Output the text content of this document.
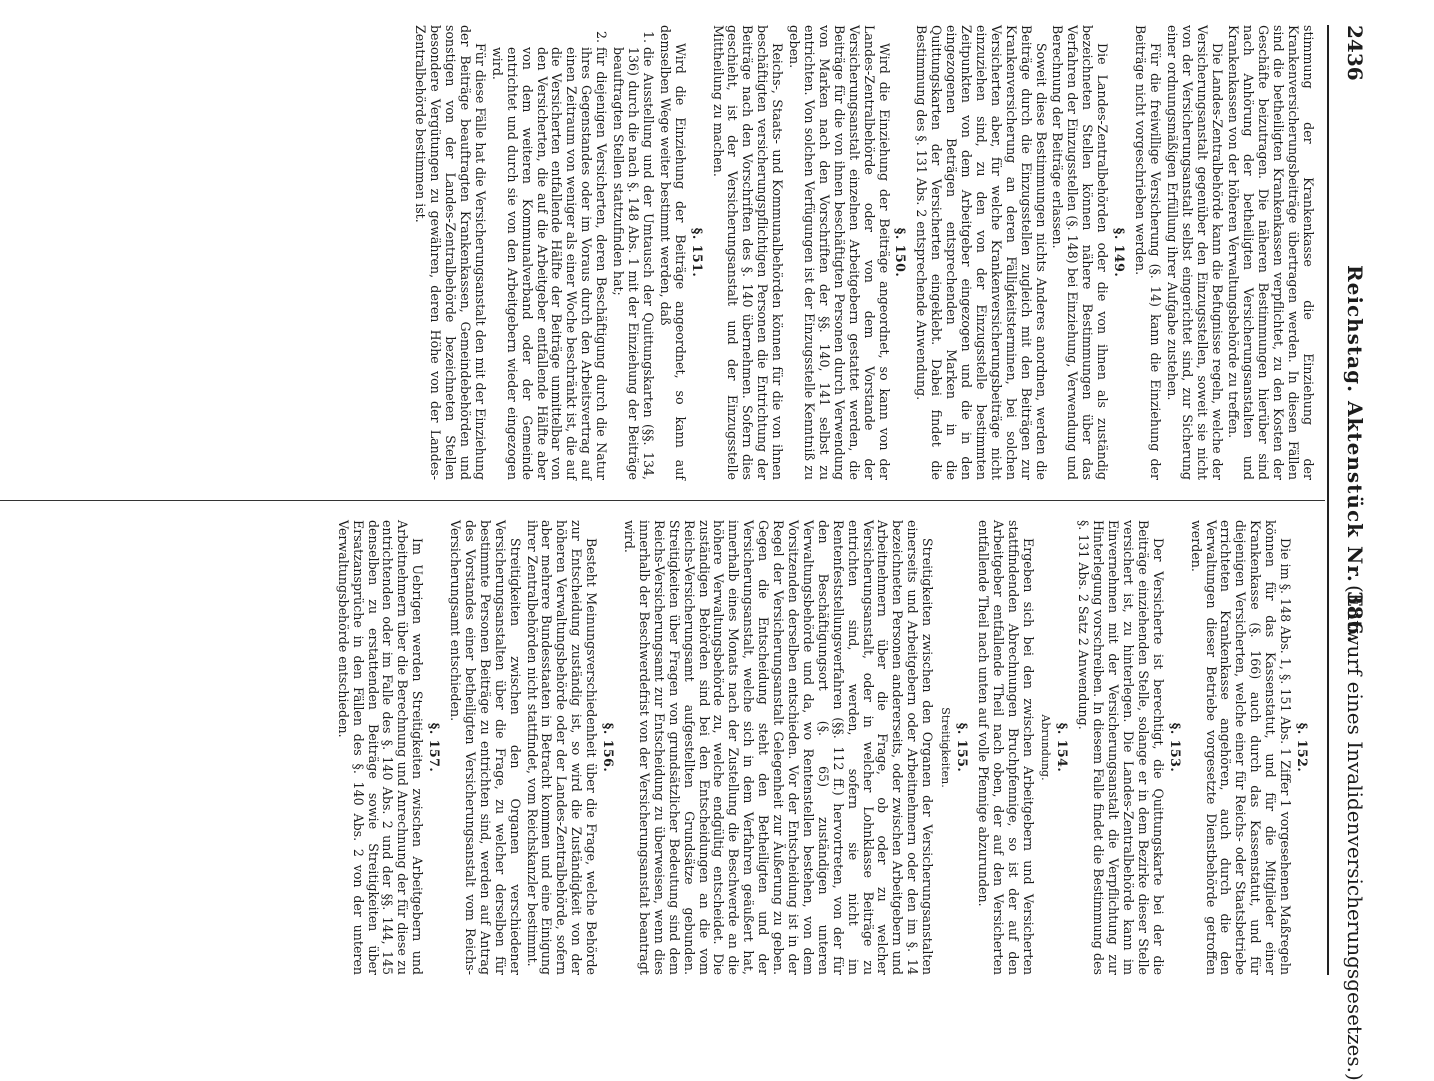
2436
Reichstag. Aktenstück Nr. 386.
(Entwurf eines Invalidenversicherungsgesetzes.)

stimmung der Krankenkasse die Einziehung der Krankenversicherungsbeiträge übertragen werden. In diesen Fällen sind die betheiligten Krankenkassen verpflichtet, zu den Kosten der Geschäfte beizutragen. Die näheren Bestimmungen hierüber sind nach Anhörung der betheiligten Versicherungsanstalten und Krankenkassen von der höheren Verwaltungsbehörde zu treffen.

Die Landes-Zentralbehörde kann die Befugnisse regeln, welche der Versicherungsanstalt gegenüber den Einzugsstellen, soweit sie nicht von der Versicherungsanstalt selbst eingerichtet sind, zur Sicherung einer ordnungsmäßigen Erfüllung ihrer Aufgabe zustehen.

Für die freiwillige Versicherung (§. 14) kann die Einziehung der Beiträge nicht vorgeschrieben werden.

§. 149.

Die Landes-Zentralbehörden oder die von ihnen als zuständig bezeichneten Stellen können nähere Bestimmungen über das Verfahren der Einzugsstellen (§. 148) bei Einziehung, Verwendung und Berechnung der Beiträge erlassen.

Soweit diese Bestimmungen nichts Anderes anordnen, werden die Beiträge durch die Einzugsstellen zugleich mit den Beiträgen zur Krankenversicherung an deren Fälligkeitsterminen, bei solchen Versicherten aber, für welche Krankenversicherungsbeiträge nicht einzuziehen sind, zu den von der Einzugsstelle bestimmten Zeitpunkten von dem Arbeitgeber eingezogen und die in den eingezogenen Beträgen entsprechenden Marken in die Quittungskarten der Versicherten eingeklebt. Dabei findet die Bestimmung des §. 131 Abs. 2 entsprechende Anwendung.

§. 150.

Wird die Einziehung der Beiträge angeordnet, so kann von der Landes-Zentralbehörde oder von dem Vorstande der Versicherungsanstalt einzelnen Arbeitgebern gestattet werden, die Beiträge für die von ihnen beschäftigten Personen durch Verwendung von Marken nach den Vorschriften der §§. 140, 141 selbst zu entrichten. Von solchen Verfügungen ist der Einzugsstelle Kenntniß zu geben.

Reichs-, Staats- und Kommunalbehörden können für die von ihnen beschäftigten versicherungspflichtigen Personen die Entrichtung der Beiträge nach den Vorschriften des §. 140 übernehmen. Sofern dies geschieht, ist der Versicherungsanstalt und der Einzugsstelle Mittheilung zu machen.

§. 151.

Wird die Einziehung der Beiträge angeordnet, so kann auf demselben Wege weiter bestimmt werden, daß

1. die Ausstellung und der Umtausch der Quittungskarten (§§. 134, 136) durch die nach §. 148 Abs. 1 mit der Einziehung der Beiträge beauftragten Stellen stattzufinden hat;
2. für diejenigen Versicherten, deren Beschäftigung durch die Natur ihres Gegenstandes oder im Voraus durch den Arbeitsvertrag auf einen Zeitraum von weniger als einer Woche beschränkt ist, die auf die Versicherten entfallende Hälfte der Beiträge unmittelbar von den Versicherten, die auf die Arbeitgeber entfallende Hälfte aber von dem weiteren Kommunalverband oder der Gemeinde entrichtet und durch sie von den Arbeitgebern wieder eingezogen wird.

Für diese Fälle hat die Versicherungsanstalt den mit der Einziehung der Beiträge beauftragten Krankenkassen, Gemeindebehörden und sonstigen von der Landes-Zentralbehörde bezeichneten Stellen besondere Vergütungen zu gewähren, deren Höhe von der Landes-Zentralbehörde bestimmen ist.

§. 152.

Die im §. 148 Abs. 1, §. 151 Abs. 1 Ziffer 1 vorgesehenen Maßregeln können für das Kassenstatut, und für die Mitglieder einer Krankenkasse (§. 166) auch durch das Kassenstatut, und für diejenigen Versicherten, welche einer für Reichs- oder Staatsbetriebe errichteten Krankenkasse angehören, auch durch die den Verwaltungen dieser Betriebe vorgesetzte Dienstbehörde getroffen werden.

§. 153.

Der Versicherte ist berechtigt, die Quittungskarte bei der die Beiträge einziehenden Stelle, solange er in dem Bezirke dieser Stelle versichert ist, zu hinterlegen. Die Landes-Zentralbehörde kann im Einvernehmen mit der Versicherungsanstalt die Verpflichtung zur Hinterlegung vorschreiben. In diesem Falle findet die Bestimmung des §. 131 Abs. 2 Satz 2 Anwendung.

§. 154.
Abrundung.

Ergeben sich bei den zwischen Arbeitgebern und Versicherten stattfindenden Abrechnungen Bruchpfennige, so ist der auf den Arbeitgeber entfallende Theil nach oben, der auf den Versicherten entfallende Theil nach unten auf volle Pfennige abzurunden.

§. 155.
Streitigkeiten.

Streitigkeiten zwischen den Organen der Versicherungsanstalten einerseits und Arbeitgebern oder Arbeitnehmern oder den im §. 14 bezeichneten Personen andererseits, oder zwischen Arbeitgebern und Arbeitnehmern über die Frage, ob oder zu welcher Versicherungsanstalt, oder in welcher Lohnklasse Beiträge zu entrichten sind, werden, sofern sie nicht im Rentenfeststellungsverfahren (§§. 112 ff.) hervortreten, von der für den Beschäftigungsort (§. 65) zuständigen unteren Verwaltungsbehörde und da, wo Rentenstellen bestehen, von dem Vorsitzenden derselben entschieden. Vor der Entscheidung ist in der Regel der Versicherungsanstalt Gelegenheit zur Äußerung zu geben. Gegen die Entscheidung steht den Betheiligten und der Versicherungsanstalt, welche sich in dem Verfahren geäußert hat, innerhalb eines Monats nach der Zustellung die Beschwerde an die höhere Verwaltungsbehörde zu, welche endgültig entscheidet. Die zuständigen Behörden sind bei den Entscheidungen an die vom Reichs-Versicherungsamt aufgestellten Grundsätze gebunden. Streitigkeiten über Fragen von grundsätzlicher Bedeutung sind dem Reichs-Versicherungsamt zur Entscheidung zu überweisen, wenn dies innerhalb der Beschwerdefrist von der Versicherungsanstalt beantragt wird.

§. 156.

Besteht Meinungsverschiedenheit über die Frage, welche Behörde zur Entscheidung zuständig ist, so wird die Zuständigkeit von der höheren Verwaltungsbehörde oder der Landes-Zentralbehörde, sofern aber mehrere Bundesstaaten in Betracht kommen und eine Einigung ihrer Zentralbehörden nicht stattfindet, vom Reichskanzler bestimmt.

Streitigkeiten zwischen den Organen verschiedener Versicherungsanstalten über die Frage, zu welcher derselben für bestimmte Personen Beiträge zu entrichten sind, werden auf Antrag des Vorstandes einer betheiligten Versicherungsanstalt vom Reichs-Versicherungsamt entschieden.

§. 157.

Im Uebrigen werden Streitigkeiten zwischen Arbeitgebern und Arbeitnehmern über die Berechnung und Anrechnung der für diese zu entrichtenden oder im Falle des §. 140 Abs. 2 und der §§. 144, 145 denselben zu erstattenden Beiträge sowie Streitigkeiten über Ersatzansprüche in den Fällen des §. 140 Abs. 2 von der unteren Verwaltungsbehörde entschieden.
